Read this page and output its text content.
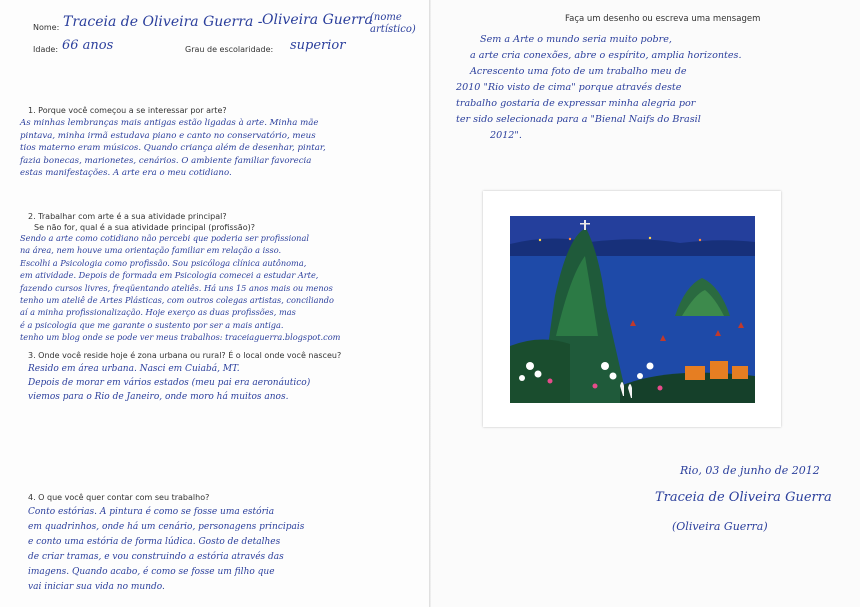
Nome: Traceia de Oliveira Guerra - Oliveira Guerra
(nome
artístico)
Idade: 66 anos	Grau de escolaridade: superior
1. Porque você começou a se interessar por arte?
As minhas lembranças mais antigas estão ligadas à arte. Minha mãe
pintava, minha irmã estudava piano e canto no conservatório, meus
tios materno eram músicos. Quando criança além de desenhar, pintar,
fazia bonecas, marionetes, cenários. O ambiente familiar favorecia
estas manifestações. A arte era o meu cotidiano.
2. Trabalhar com arte é a sua atividade principal?
Se não for, qual é a sua atividade principal (profissão)?
Sendo a arte como cotidiano não percebi que poderia ser profissional
na área, nem houve uma orientação familiar em relação a isso.
Escolhi a Psicologia como profissão. Sou psicóloga clínica autônoma,
em atividade. Depois de formada em Psicologia comecei a estudar Arte,
fazendo cursos livres, freqüentando ateliês. Há uns 15 anos mais ou menos
tenho um ateliê de Artes Plásticas, com outros colegas artistas, conciliando
aí a minha profissionalização. Hoje exerço as duas profissões, mas
é a psicologia que me garante o sustento por ser a mais antiga.
tenho um blog onde se pode ver meus trabalhos: traceiaguerra.blogspot.com
3. Onde você reside hoje é zona urbana ou rural? É o local onde você nasceu?
Resido em área urbana. Nasci em Cuiabá, MT.
Depois de morar em vários estados (meu pai era aeronáutico)
viemos para o Rio de Janeiro, onde moro há muitos anos.
4. O que você quer contar com seu trabalho?
Conto estórias. A pintura é como se fosse uma estória
em quadrinhos, onde há um cenário, personagens principais
e conto uma estória de forma lúdica. Gosto de detalhes
de criar tramas, e vou construindo a estória através das
imagens. Quando acabo, é como se fosse um filho que
vai iniciar sua vida no mundo.
Faça um desenho ou escreva uma mensagem
Sem a Arte o mundo seria muito pobre,
a arte cria conexões, abre o espírito, amplia horizontes.
Acrescento uma foto de um trabalho meu de
2010 "Rio visto de cima" porque através deste
trabalho gostaria de expressar minha alegria por
ter sido selecionada para a "Bienal Naifs do Brasil
2012".
Rio, 03 de junho de 2012
Traceia de Oliveira Guerra
(Oliveira Guerra)
